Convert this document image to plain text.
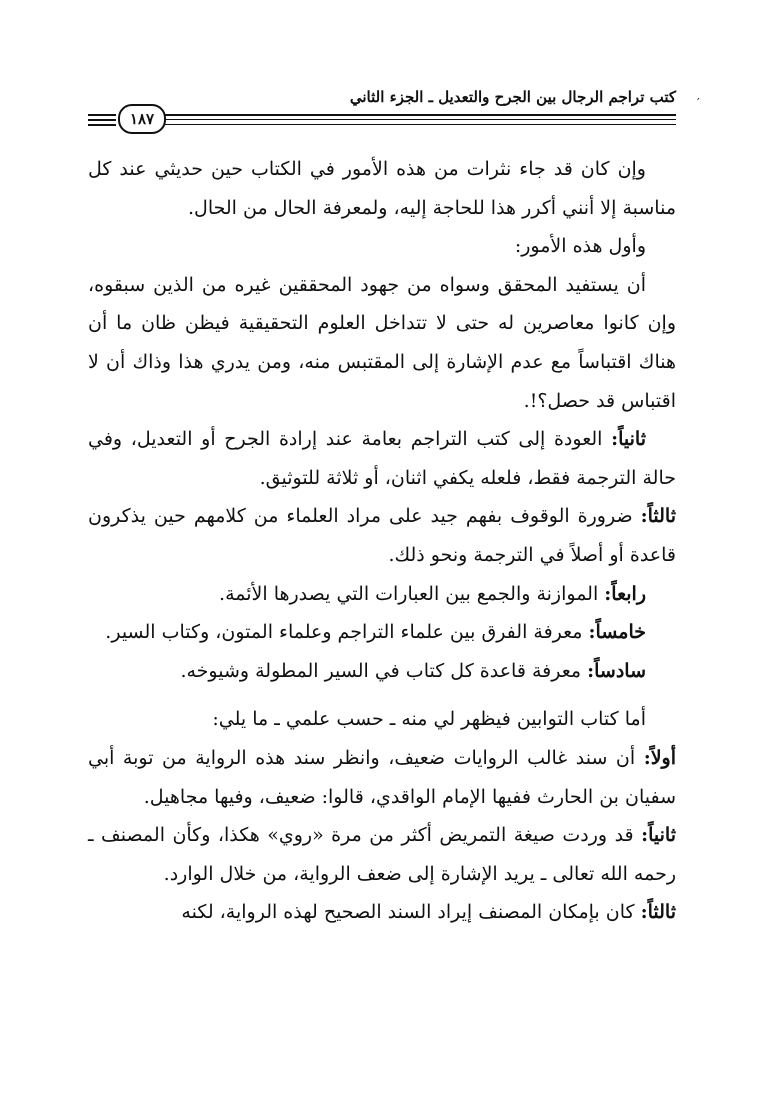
كتب تراجم الرجال بين الجرح والتعديل ـ الجزء الثاني
١٨٧
′

وإن كان قد جاء نثرات من هذه الأمور في الكتاب حين حديثي عند كل مناسبة إلا أنني أكرر هذا للحاجة إليه، ولمعرفة الحال من الحال.

وأول هذه الأمور:

أن يستفيد المحقق وسواه من جهود المحققين غيره من الذين سبقوه، وإن كانوا معاصرين له حتى لا تتداخل العلوم التحقيقية فيظن ظان ما أن هناك اقتباساً مع عدم الإشارة إلى المقتبس منه، ومن يدري هذا وذاك أن لا اقتباس قد حصل؟!.

ثانياً: العودة إلى كتب التراجم بعامة عند إرادة الجرح أو التعديل، وفي حالة الترجمة فقط، فلعله يكفي اثنان، أو ثلاثة للتوثيق.

ثالثاً: ضرورة الوقوف بفهم جيد على مراد العلماء من كلامهم حين يذكرون قاعدة أو أصلاً في الترجمة ونحو ذلك.

رابعاً: الموازنة والجمع بين العبارات التي يصدرها الأئمة.

خامساً: معرفة الفرق بين علماء التراجم وعلماء المتون، وكتاب السير.

سادساً: معرفة قاعدة كل كتاب في السير المطولة وشيوخه.

أما كتاب التوابين فيظهر لي منه ـ حسب علمي ـ ما يلي:

أولاً: أن سند غالب الروايات ضعيف، وانظر سند هذه الرواية من توبة أبي سفيان بن الحارث ففيها الإمام الواقدي، قالوا: ضعيف، وفيها مجاهيل.

ثانياً: قد وردت صيغة التمريض أكثر من مرة «روي» هكذا، وكأن المصنف ـ رحمه الله تعالى ـ يريد الإشارة إلى ضعف الرواية، من خلال الوارد.

ثالثاً: كان بإمكان المصنف إيراد السند الصحيح لهذه الرواية، لكنه
